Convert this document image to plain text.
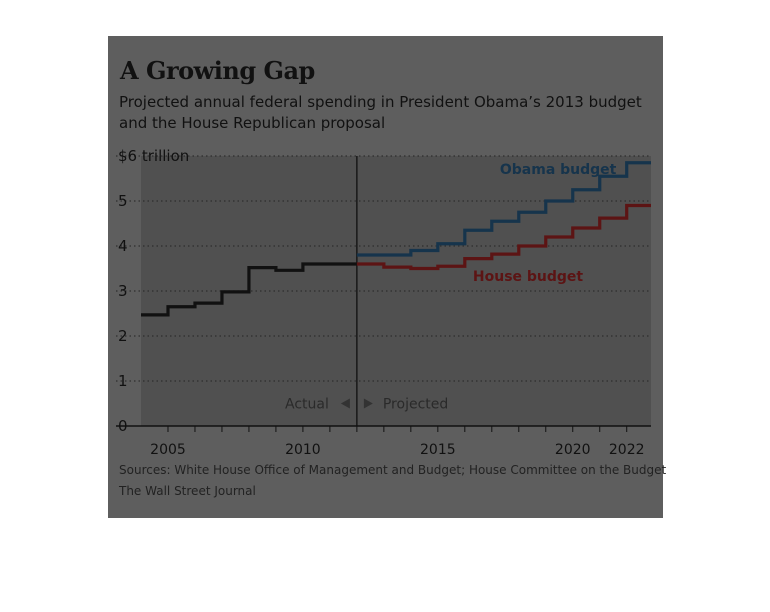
A Growing Gap
Projected annual federal spending in President Obama’s 2013 budget and the House Republican proposal
0
1
2
3
4
5
$6 trillion
2005	2010	2015	2020 2022
Actual	Projected
Obama budget
House budget
Sources: White House Office of Management and Budget; House Committee on the Budget
The Wall Street Journal
